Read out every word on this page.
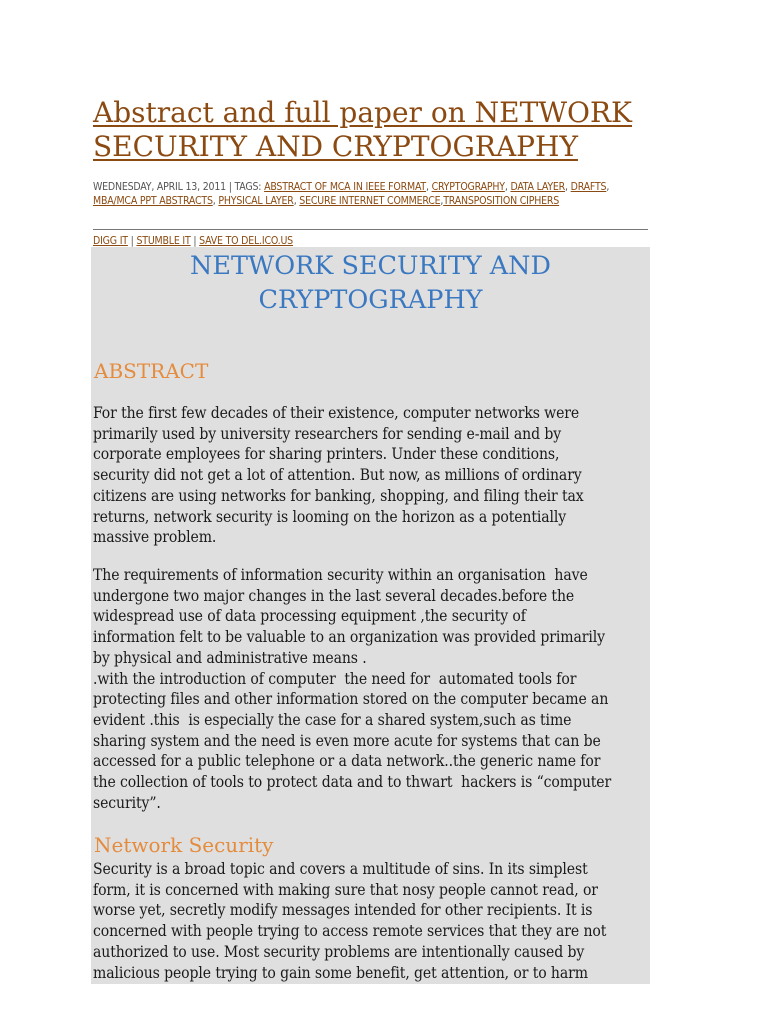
Abstract and full paper on NETWORK SECURITY AND CRYPTOGRAPHY
WEDNESDAY, APRIL 13, 2011 | TAGS: ABSTRACT OF MCA IN IEEE FORMAT, CRYPTOGRAPHY, DATA LAYER, DRAFTS, MBA/MCA PPT ABSTRACTS, PHYSICAL LAYER, SECURE INTERNET COMMERCE,TRANSPOSITION CIPHERS
DIGG IT | STUMBLE IT | SAVE TO DEL.ICO.US
NETWORK SECURITY AND
CRYPTOGRAPHY
ABSTRACT

For the first few decades of their existence, computer networks were
primarily used by university researchers for sending e-mail and by
corporate employees for sharing printers. Under these conditions,
security did not get a lot of attention. But now, as millions of ordinary
citizens are using networks for banking, shopping, and filing their tax
returns, network security is looming on the horizon as a potentially
massive problem.

The requirements of information security within an organisation  have
undergone two major changes in the last several decades.before the
widespread use of data processing equipment ,the security of
information felt to be valuable to an organization was provided primarily
by physical and administrative means .
.with the introduction of computer  the need for  automated tools for
protecting files and other information stored on the computer became an
evident .this  is especially the case for a shared system,such as time
sharing system and the need is even more acute for systems that can be
accessed for a public telephone or a data network..the generic name for
the collection of tools to protect data and to thwart  hackers is “computer
security”.

Network Security

Security is a broad topic and covers a multitude of sins. In its simplest
form, it is concerned with making sure that nosy people cannot read, or
worse yet, secretly modify messages intended for other recipients. It is
concerned with people trying to access remote services that they are not
authorized to use. Most security problems are intentionally caused by
malicious people trying to gain some benefit, get attention, or to harm
